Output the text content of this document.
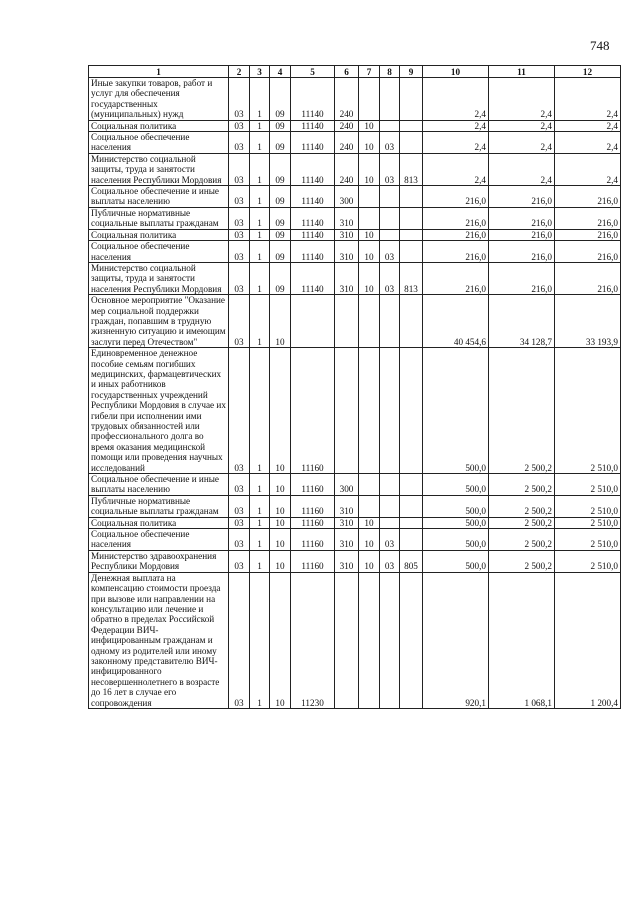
748
1	2	3	4	5	6	7	8	9	10	11	12
Иные закупки товаров, работ и услуг для обеспечения государственных (муниципальных) нужд	03	1	09	11140	240				2,4	2,4	2,4
Социальная политика	03	1	09	11140	240	10			2,4	2,4	2,4
Социальное обеспечение населения	03	1	09	11140	240	10	03		2,4	2,4	2,4
Министерство социальной защиты, труда и занятости населения Республики Мордовия	03	1	09	11140	240	10	03	813	2,4	2,4	2,4
Социальное обеспечение и иные выплаты населению	03	1	09	11140	300				216,0	216,0	216,0
Публичные нормативные социальные выплаты гражданам	03	1	09	11140	310				216,0	216,0	216,0
Социальная политика	03	1	09	11140	310	10			216,0	216,0	216,0
Социальное обеспечение населения	03	1	09	11140	310	10	03		216,0	216,0	216,0
Министерство социальной защиты, труда и занятости населения Республики Мордовия	03	1	09	11140	310	10	03	813	216,0	216,0	216,0
Основное мероприятие "Оказание мер социальной поддержки граждан, попавшим в трудную жизненную ситуацию и имеющим заслуги перед Отечеством"	03	1	10						40 454,6	34 128,7	33 193,9
Единовременное денежное пособие семьям погибших медицинских, фармацевтических и иных работников государственных учреждений Республики Мордовия в случае их гибели при исполнении ими трудовых обязанностей или профессионального долга во время оказания медицинской помощи или проведения научных исследований	03	1	10	11160					500,0	2 500,2	2 510,0
Социальное обеспечение и иные выплаты населению	03	1	10	11160	300				500,0	2 500,2	2 510,0
Публичные нормативные социальные выплаты гражданам	03	1	10	11160	310				500,0	2 500,2	2 510,0
Социальная политика	03	1	10	11160	310	10			500,0	2 500,2	2 510,0
Социальное обеспечение населения	03	1	10	11160	310	10	03		500,0	2 500,2	2 510,0
Министерство здравоохранения Республики Мордовия	03	1	10	11160	310	10	03	805	500,0	2 500,2	2 510,0
Денежная выплата на компенсацию стоимости проезда при вызове или направлении на консультацию или лечение и обратно в пределах Российской Федерации ВИЧ-инфицированным гражданам и одному из родителей или иному законному представителю ВИЧ-инфицированного несовершеннолетнего в возрасте до 16 лет в случае его сопровождения	03	1	10	11230					920,1	1 068,1	1 200,4
